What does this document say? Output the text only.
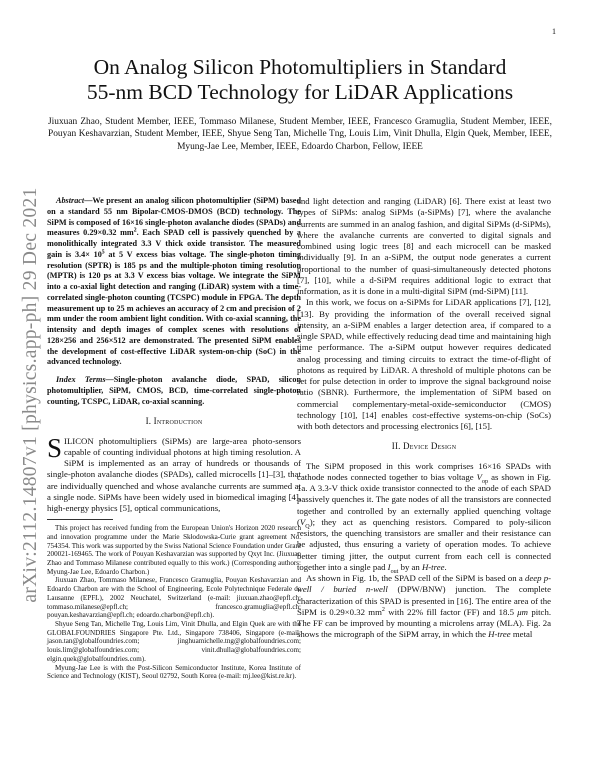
1
arXiv:2112.14807v1 [physics.app-ph] 29 Dec 2021
On Analog Silicon Photomultipliers in Standard
55-nm BCD Technology for LiDAR Applications
Jiuxuan Zhao, Student Member, IEEE, Tommaso Milanese, Student Member, IEEE, Francesco Gramuglia, Student Member, IEEE, Pouyan Keshavarzian, Student Member, IEEE, Shyue Seng Tan, Michelle Tng, Louis Lim, Vinit Dhulla, Elgin Quek, Member, IEEE, Myung-Jae Lee, Member, IEEE, Edoardo Charbon, Fellow, IEEE

Abstract—We present an analog silicon photomultiplier (SiPM) based on a standard 55 nm Bipolar-CMOS-DMOS (BCD) technology. The SiPM is composed of 16×16 single-photon avalanche diodes (SPADs) and measures 0.29×0.32 $mm^2$. Each SPAD cell is passively quenched by a monolithically integrated 3.3 V thick oxide transistor. The measured gain is $3.4\times 10^5$ at 5 V excess bias voltage. The single-photon timing resolution (SPTR) is 185 ps and the multiple-photon timing resolution (MPTR) is 120 ps at 3.3 V excess bias voltage. We integrate the SiPM into a co-axial light detection and ranging (LiDAR) system with a time-correlated single-photon counting (TCSPC) module in FPGA. The depth measurement up to 25 m achieves an accuracy of 2 cm and precision of 2 mm under the room ambient light condition. With co-axial scanning, the intensity and depth images of complex scenes with resolutions of 128×256 and 256×512 are demonstrated. The presented SiPM enables the development of cost-effective LiDAR system-on-chip (SoC) in the advanced technology.

Index Terms—Single-photon avalanche diode, SPAD, silicon photomultiplier, SiPM, CMOS, BCD, time-correlated single-photon counting, TCSPC, LiDAR, co-axial scanning.

I. Introduction

SILICON photomultipliers (SiPMs) are large-area photo-sensors capable of counting individual photons at high timing resolution. A SiPM is implemented as an array of hundreds or thousands of single-photon avalanche diodes (SPADs), called microcells [1]–[3], that are individually quenched and whose avalanche currents are summed at a single node. SiPMs have been widely used in biomedical imaging [4], high-energy physics [5], optical communications,

This project has received funding from the European Union's Horizon 2020 research and innovation programme under the Marie Skłodowska-Curie grant agreement No. 754354. This work was supported by the Swiss National Science Foundation under Grant 200021-169465. The work of Pouyan Keshavarzian was supported by Qxyt Inc. (Jiuxuan Zhao and Tommaso Milanese contributed equally to this work.) (Corresponding authors: Myung-Jae Lee, Edoardo Charbon.)

Jiuxuan Zhao, Tommaso Milanese, Francesco Gramuglia, Pouyan Keshavarzian and Edoardo Charbon are with the School of Engineering, Ecole Polytechnique Federale de Lausanne (EPFL), 2002 Neuchatel, Switzerland (e-mail: jiuxuan.zhao@epfl.ch; tommaso.milanese@epfl.ch; francesco.gramuglia@epfl.ch; pouyan.keshavarzian@epfl.ch; edoardo.charbon@epfl.ch).

Shyue Seng Tan, Michelle Tng, Louis Lim, Vinit Dhulla, and Elgin Quek are with the GLOBALFOUNDRIES Singapore Pte. Ltd., Singapore 738406, Singapore (e-mail: jason.tan@globalfoundries.com; jinghuamichelle.tng@globalfoundries.com; louis.lim@globalfoundries.com; vinit.dhulla@globalfoundries.com; elgin.quek@globalfoundries.com).

Myung-Jae Lee is with the Post-Silicon Semiconductor Institute, Korea Institute of Science and Technology (KIST), Seoul 02792, South Korea (e-mail: mj.lee@kist.re.kr).

and light detection and ranging (LiDAR) [6]. There exist at least two types of SiPMs: analog SiPMs (a-SiPMs) [7], where the avalanche currents are summed in an analog fashion, and digital SiPMs (d-SiPMs), where the avalanche currents are converted to digital signals and combined using logic trees [8] and each microcell can be masked individually [9]. In an a-SiPM, the output node generates a current proportional to the number of quasi-simultaneously detected photons [7], [10], while a d-SiPM requires additional logic to extract that information, as it is done in a multi-digital SiPM (md-SiPM) [11].

In this work, we focus on a-SiPMs for LiDAR applications [7], [12], [13]. By providing the information of the overall received signal intensity, an a-SiPM enables a larger detection area, if compared to a single SPAD, while effectively reducing dead time and maintaining high time performance. The a-SiPM output however requires dedicated analog processing and timing circuits to extract the time-of-flight of photons as required by LiDAR. A threshold of multiple photons can be set for pulse detection in order to improve the signal background noise ratio (SBNR). Furthermore, the implementation of SiPM based on commercial complementary-metal-oxide-semiconductor (CMOS) technology [10], [14] enables cost-effective systems-on-chip (SoCs) with both detectors and processing electronics [6], [15].

II. Device Design

The SiPM proposed in this work comprises 16×16 SPADs with cathode nodes connected together to bias voltage $V_{op}$ as shown in Fig. 1a. A 3.3-V thick oxide transistor connected to the anode of each SPAD passively quenches it. The gate nodes of all the transistors are connected together and controlled by an externally applied quenching voltage $(V_Q)$; they act as quenching resistors. Compared to poly-silicon resistors, the quenching transistors are smaller and their resistance can be adjusted, thus ensuring a variety of operation modes. To achieve better timing jitter, the output current from each cell is connected together into a single pad $I_{out}$ by an H-tree.

As shown in Fig. 1b, the SPAD cell of the SiPM is based on a deep p-well / buried n-well (DPW/BNW) junction. The complete characterization of this SPAD is presented in [16]. The entire area of the SiPM is 0.29×0.32 $mm^2$ with 22% fill factor (FF) and 18.5 μm pitch. The FF can be improved by mounting a microlens array (MLA). Fig. 2a shows the micrograph of the SiPM array, in which the H-tree metal
